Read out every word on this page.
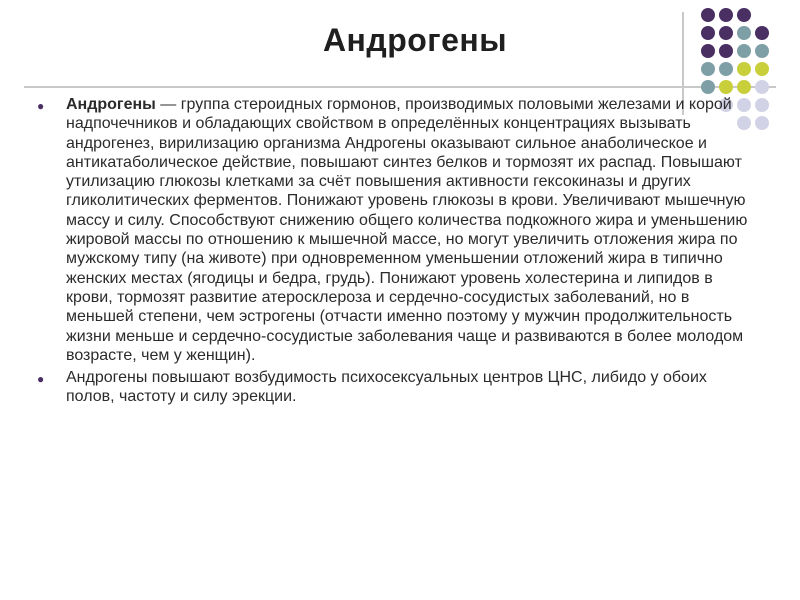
Андрогены
● Андрогены — группа стероидных гормонов, производимых половыми железами и корой надпочечников и обладающих свойством в определённых концентрациях вызывать андрогенез, вирилизацию организма Андрогены оказывают сильное анаболическое и антикатаболическое действие, повышают синтез белков и тормозят их распад. Повышают утилизацию глюкозы клетками за счёт повышения активности гексокиназы и других гликолитических ферментов. Понижают уровень глюкозы в крови. Увеличивают мышечную массу и силу. Способствуют снижению общего количества подкожного жира и уменьшению жировой массы по отношению к мышечной массе, но могут увеличить отложения жира по мужскому типу (на животе) при одновременном уменьшении отложений жира в типично женских местах (ягодицы и бедра, грудь). Понижают уровень холестерина и липидов в крови, тормозят развитие атеросклероза и сердечно-сосудистых заболеваний, но в меньшей степени, чем эстрогены (отчасти именно поэтому у мужчин продолжительность жизни меньше и сердечно-сосудистые заболевания чаще и развиваются в более молодом возрасте, чем у женщин).
● Андрогены повышают возбудимость психосексуальных центров ЦНС, либидо у обоих полов, частоту и силу эрекции.
